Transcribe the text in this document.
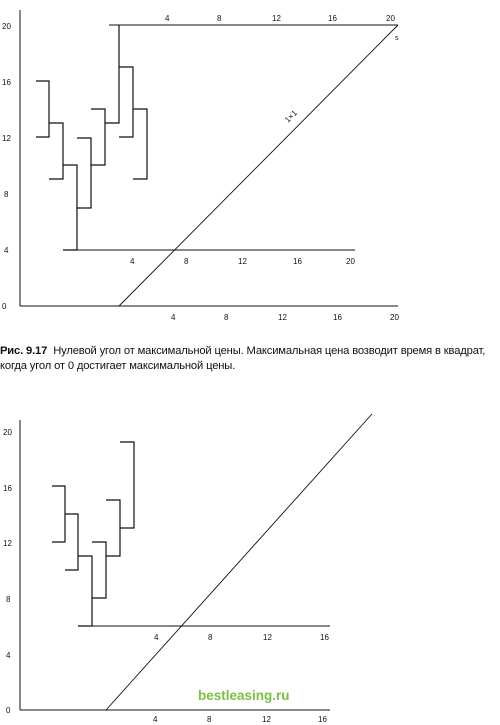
0
4
8
12
16
20
4	8	12	16	20
4	8	12	16	20
4	8	12	16	20
1×1
s
Рис. 9.17 Нулевой угол от максимальной цены. Максимальная цена возводит время в квадрат, когда угол от 0 достигает максимальной цены.
0
4
8
12
16
20
4	8	12	16
4	8	12	16
bestleasing.ru
